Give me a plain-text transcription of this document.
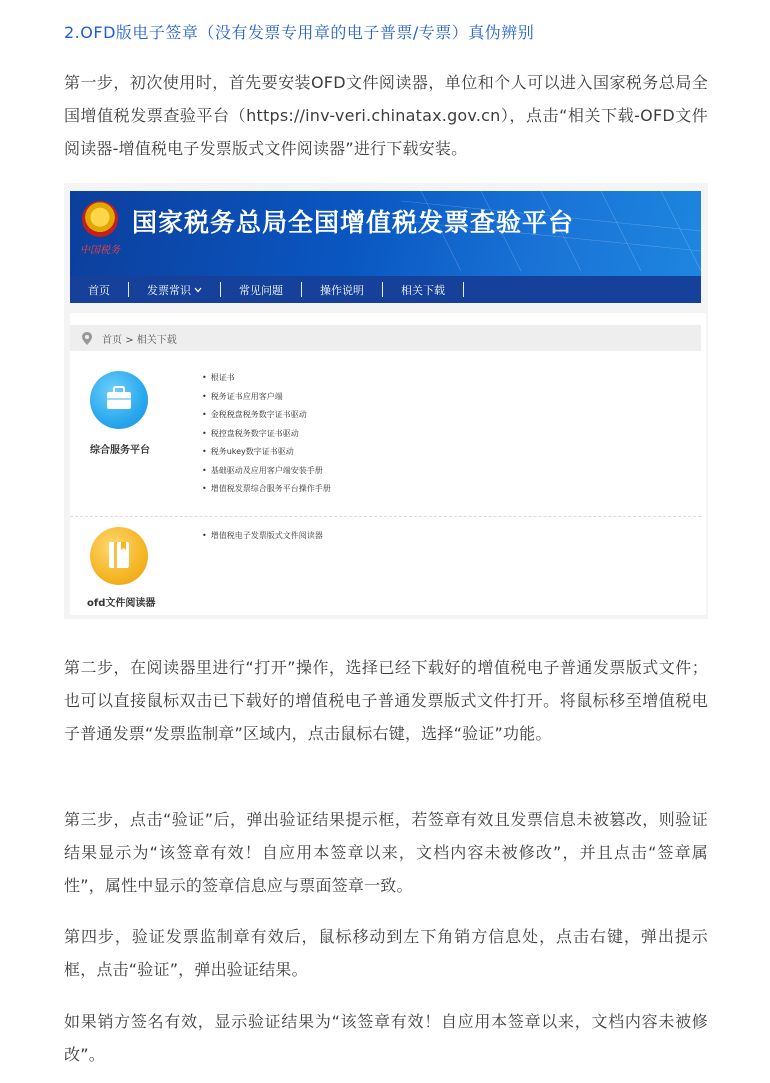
2.OFD版电子签章（没有发票专用章的电子普票/专票）真伪辨别

第一步，初次使用时，首先要安装OFD文件阅读器，单位和个人可以进入国家税务总局全国增值税发票查验平台（https://inv-veri.chinatax.gov.cn），点击“相关下载-OFD文件阅读器-增值税电子发票版式文件阅读器”进行下载安装。

中国税务
国家税务总局全国增值税发票查验平台
首页	发票常识	常见问题	操作说明	相关下载
首页 > 相关下载
综合服务平台
• 根证书
• 税务证书应用客户端
• 金税税盘税务数字证书驱动
• 税控盘税务数字证书驱动
• 税务ukey数字证书驱动
• 基础驱动及应用客户端安装手册
• 增值税发票综合服务平台操作手册
ofd文件阅读器
• 增值税电子发票版式文件阅读器

第二步，在阅读器里进行“打开”操作，选择已经下载好的增值税电子普通发票版式文件；也可以直接鼠标双击已下载好的增值税电子普通发票版式文件打开。将鼠标移至增值税电子普通发票“发票监制章”区域内，点击鼠标右键，选择“验证”功能。

第三步，点击“验证”后，弹出验证结果提示框，若签章有效且发票信息未被篡改，则验证结果显示为“该签章有效！自应用本签章以来，文档内容未被修改”，并且点击“签章属性”，属性中显示的签章信息应与票面签章一致。

第四步，验证发票监制章有效后，鼠标移动到左下角销方信息处，点击右键，弹出提示框，点击“验证”，弹出验证结果。

如果销方签名有效，显示验证结果为“该签章有效！自应用本签章以来，文档内容未被修改”。
